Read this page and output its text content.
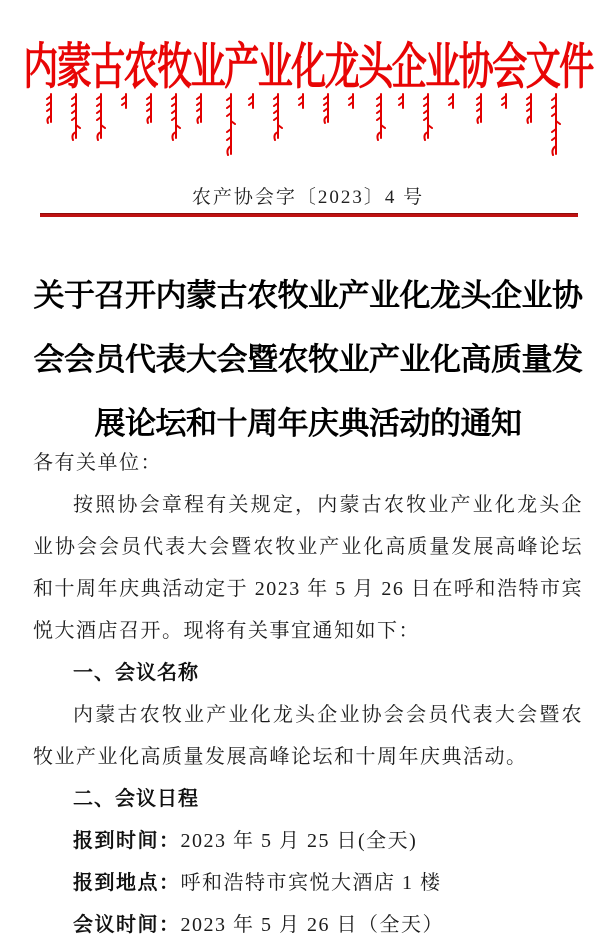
内蒙古农牧业产业化龙头企业协会文件
农产协会字〔2023〕4 号
关于召开内蒙古农牧业产业化龙头企业协
会会员代表大会暨农牧业产业化高质量发
展论坛和十周年庆典活动的通知

各有关单位：

按照协会章程有关规定，内蒙古农牧业产业化龙头企业协会会员代表大会暨农牧业产业化高质量发展高峰论坛和十周年庆典活动定于 2023 年 5 月 26 日在呼和浩特市宾悦大酒店召开。现将有关事宜通知如下：

一、会议名称

内蒙古农牧业产业化龙头企业协会会员代表大会暨农牧业产业化高质量发展高峰论坛和十周年庆典活动。

二、会议日程

报到时间：2023 年 5 月 25 日(全天)

报到地点：呼和浩特市宾悦大酒店 1 楼

会议时间：2023 年 5 月 26 日（全天）
